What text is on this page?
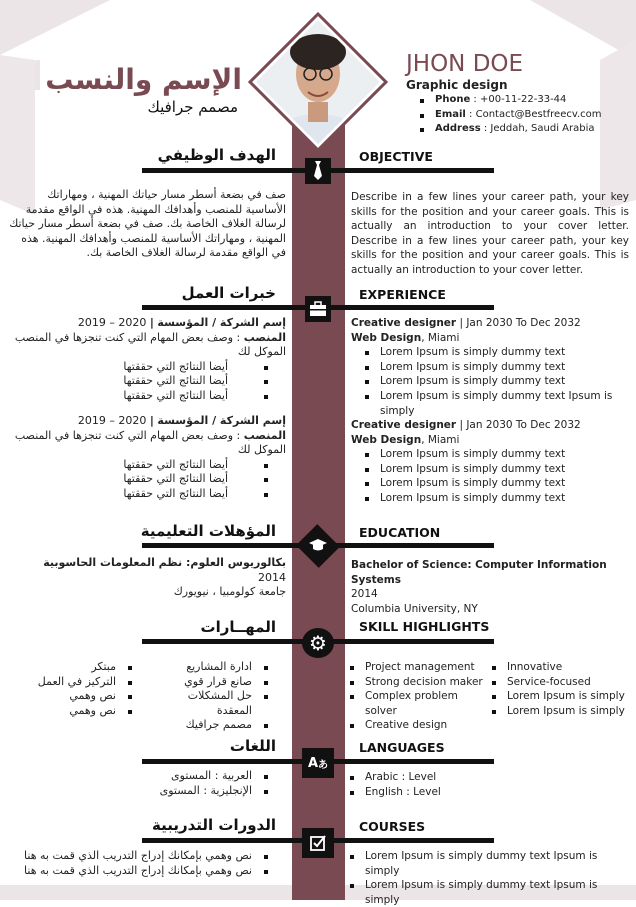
الإسم والنسب
مصمم جرافيك
JHON DOE
Graphic design
Phone : +00-11-22-33-44
Email : Contact@Bestfreecv.com
Address : Jeddah, Saudi Arabia
الهدف الوظيفي	OBJECTIVE
صف في بضعة أسطر مسار حياتك المهنية ، ومهاراتك الأساسية للمنصب وأهدافك المهنية. هذه في الواقع مقدمة لرسالة الغلاف الخاصة بك. صف في بضعة أسطر مسار حياتك المهنية ، ومهاراتك الأساسية للمنصب وأهدافك المهنية. هذه في الواقع مقدمة لرسالة الغلاف الخاصة بك.
Describe in a few lines your career path, your key skills for the position and your career goals. This is actually an introduction to your cover letter. Describe in a few lines your career path, your key skills for the position and your career goals. This is actually an introduction to your cover letter.
خبرات العمل	EXPERIENCE
إسم الشركة / المؤسسة | 2020 – 2019
المنصب : وصف بعض المهام التي كنت تنجزها في المنصب الموكل لك
أيضا النتائج التي حققتها
أيضا النتائج التي حققتها
أيضا النتائج التي حققتها
إسم الشركة / المؤسسة | 2020 – 2019
المنصب : وصف بعض المهام التي كنت تنجزها في المنصب الموكل لك
أيضا النتائج التي حققتها
أيضا النتائج التي حققتها
أيضا النتائج التي حققتها
Creative designer | Jan 2030 To Dec 2032
Web Design, Miami
Lorem Ipsum is simply dummy text
Lorem Ipsum is simply dummy text
Lorem Ipsum is simply dummy text
Lorem Ipsum is simply dummy text Ipsum is simply
Creative designer | Jan 2030 To Dec 2032
Web Design, Miami
Lorem Ipsum is simply dummy text
Lorem Ipsum is simply dummy text
Lorem Ipsum is simply dummy text
Lorem Ipsum is simply dummy text
المؤهلات التعليمية	EDUCATION
بكالوريوس العلوم: نظم المعلومات الحاسوبية
2014
جامعة كولومبيا ، نيويورك
Bachelor of Science: Computer Information Systems
2014
Columbia University, NY
المهــارات	SKILL HIGHLIGHTS
⚙
ادارة المشاريع
صانع قرار قوي
حل المشكلات المعقدة
مصمم جرافيك
مبتكر
التركيز في العمل
نص وهمي
نص وهمي
Project management
Strong decision maker
Complex problem solver
Creative design
Innovative
Service-focused
Lorem Ipsum is simply
Lorem Ipsum is simply
اللغات	LANGUAGES
A あ
العربية : المستوى
الإنجليزية : المستوى
Arabic : Level
English : Level
الدورات التدريبية	COURSES
نص وهمي بإمكانك إدراج التدريب الذي قمت به هنا
نص وهمي بإمكانك إدراج التدريب الذي قمت به هنا
Lorem Ipsum is simply dummy text Ipsum is simply
Lorem Ipsum is simply dummy text Ipsum is simply
